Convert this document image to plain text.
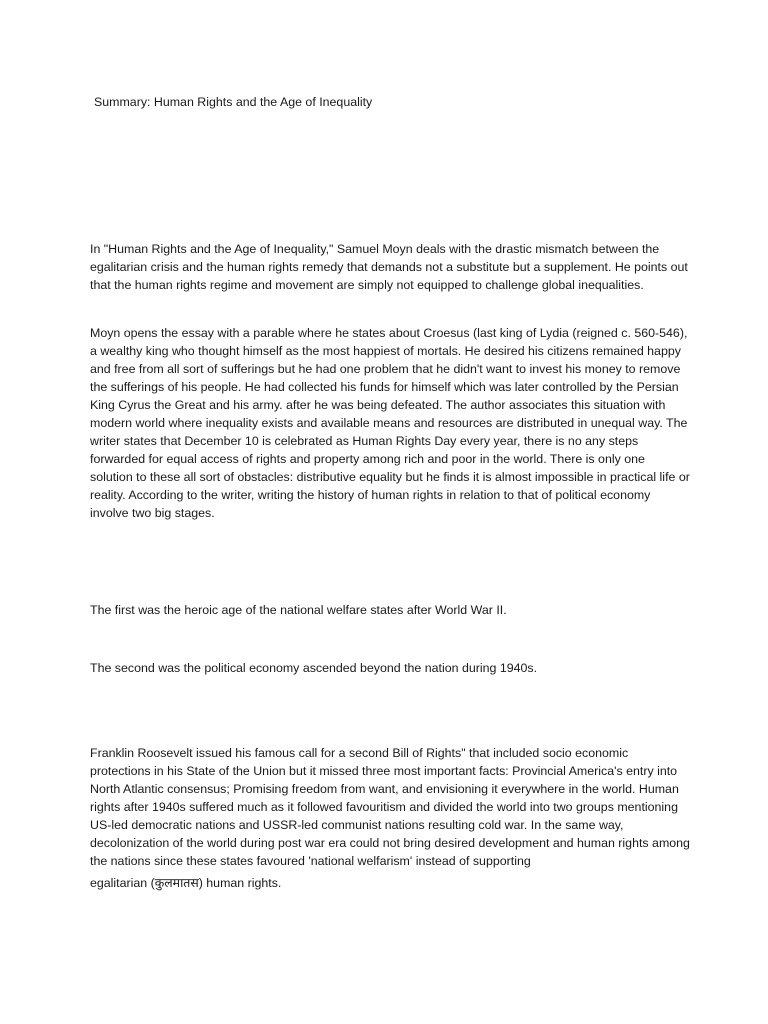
Summary: Human Rights and the Age of Inequality

In "Human Rights and the Age of Inequality," Samuel Moyn deals with the drastic mismatch between the egalitarian crisis and the human rights remedy that demands not a substitute but a supplement. He points out that the human rights regime and movement are simply not equipped to challenge global inequalities.

Moyn opens the essay with a parable where he states about Croesus (last king of Lydia (reigned c. 560-546), a wealthy king who thought himself as the most happiest of mortals. He desired his citizens remained happy and free from all sort of sufferings but he had one problem that he didn't want to invest his money to remove the sufferings of his people. He had collected his funds for himself which was later controlled by the Persian King Cyrus the Great and his army. after he was being defeated. The author associates this situation with modern world where inequality exists and available means and resources are distributed in unequal way. The writer states that December 10 is celebrated as Human Rights Day every year, there is no any steps forwarded for equal access of rights and property among rich and poor in the world. There is only one solution to these all sort of obstacles: distributive equality but he finds it is almost impossible in practical life or reality. According to the writer, writing the history of human rights in relation to that of political economy involve two big stages.

The first was the heroic age of the national welfare states after World War II.

The second was the political economy ascended beyond the nation during 1940s.

Franklin Roosevelt issued his famous call for a second Bill of Rights" that included socio economic protections in his State of the Union but it missed three most important facts: Provincial America's entry into North Atlantic consensus; Promising freedom from want, and envisioning it everywhere in the world. Human rights after 1940s suffered much as it followed favouritism and divided the world into two groups mentioning US-led democratic nations and USSR-led communist nations resulting cold war. In the same way, decolonization of the world during post war era could not bring desired development and human rights among the nations since these states favoured 'national welfarism' instead of supporting
egalitarian (कुलमातस) human rights.
